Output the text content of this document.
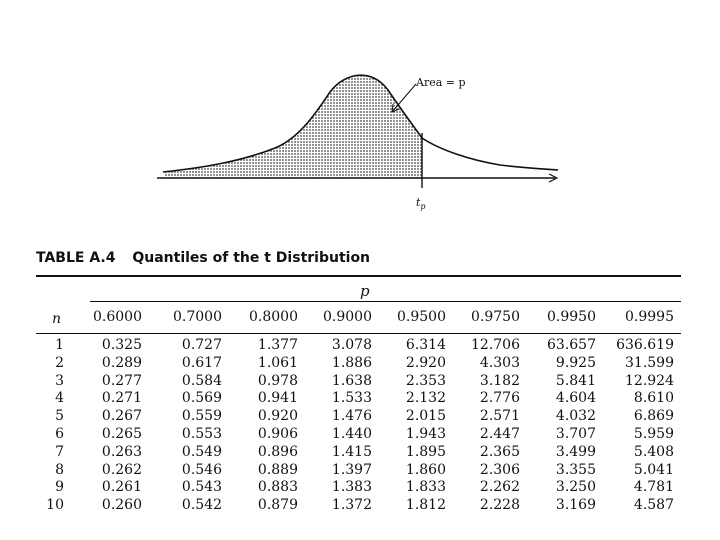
Area = p
$t_p$
TABLE A.4 Quantiles of the t Distribution
p
n	0.6000	0.7000	0.8000	0.9000	0.9500	0.9750	0.9950	0.9995
1	0.325	0.727	1.377	3.078	6.314	12.706	63.657 636.619
2	0.289	0.617	1.061	1.886	2.920	4.303	9.925	31.599
3	0.277	0.584	0.978	1.638	2.353	3.182	5.841	12.924
4	0.271	0.569	0.941	1.533	2.132	2.776	4.604	8.610
5	0.267	0.559	0.920	1.476	2.015	2.571	4.032	6.869
6	0.265	0.553	0.906	1.440	1.943	2.447	3.707	5.959
7	0.263	0.549	0.896	1.415	1.895	2.365	3.499	5.408
8	0.262	0.546	0.889	1.397	1.860	2.306	3.355	5.041
9	0.261	0.543	0.883	1.383	1.833	2.262	3.250	4.781
10	0.260	0.542	0.879	1.372	1.812	2.228	3.169	4.587
